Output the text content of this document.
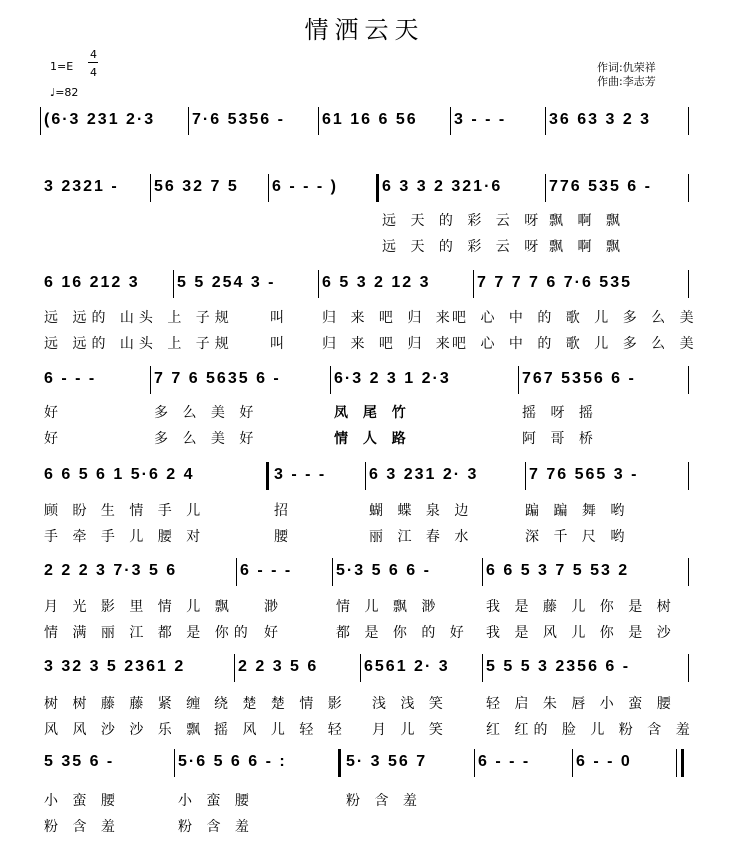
情洒云天
1=E
4
4
♩=82
作词:仇荣祥
作曲:李志芳
(6·3 231 2·3 7·6 5356 - 61 16 6 56 3 - - -	36 63 3 2 3
3 2321 - 56 32 7 5 6 - - - )	6 3 3 2 321·6	776 535 6 -
远 天 的 彩 云 呀 飘 啊 飘
远 天 的 彩 云 呀 飘 啊 飘
6 16 212 3 5 5 254 3 -	6 5 3 2 12 3	7 7 7 7 6 7·6 535
远 远的 山头 上 子规	叫 归 来 吧 归 来
吧 心 中 的 歌 儿 多 么 美
远 远的 山头 上 子规	叫 归 来 吧 归 来
吧 心 中 的 歌 儿 多 么 美
6 - - -	7 7 6 5635 6 -	6·3 2 3 1 2·3	767 5356 6 -
好	多 么 美 好	凤 尾 竹	摇 呀 摇
好	多 么 美 好	情 人 路	阿 哥 桥
6 6 5 6 1 5·6 2 4	3 - - -	6 3 231 2· 3	7 76 565 3 -
顾 盼 生 情 手 儿	招	蝴 蝶 泉 边	蹁 蹁 舞 哟
手 牵 手 儿 腰 对	腰	丽 江 春 水	深 千 尺 哟
2 2 2 3 7·3 5 6	6 - - -	5·3 5 6 6 -	6 6 5 3 7 5 53 2
月 光 影 里 情 儿 飘 渺	情 儿 飘 渺	我 是 藤 儿 你 是 树
情 满 丽 江 都 是 你的 好	都 是 你 的 好 我 是 风 儿 你 是 沙
3 32 3 5 2361 2	2 2 3 5 6	6561 2· 3 5 5 5 3 2356 6 -
树 树 藤 藤 紧 缠 绕 楚 楚 情 影 浅 浅 笑	轻 启 朱 唇 小 蛮 腰
风 风 沙 沙 乐 飘 摇 风 儿 轻 轻 月 儿 笑	红 红的 脸 儿 粉 含 羞
5 35 6 -	5·6 5 6 6 - :	5· 3 56 7	6 - - -	6 - - 0
小 蛮 腰	小 蛮 腰	粉 含 羞
粉 含 羞	粉 含 羞
